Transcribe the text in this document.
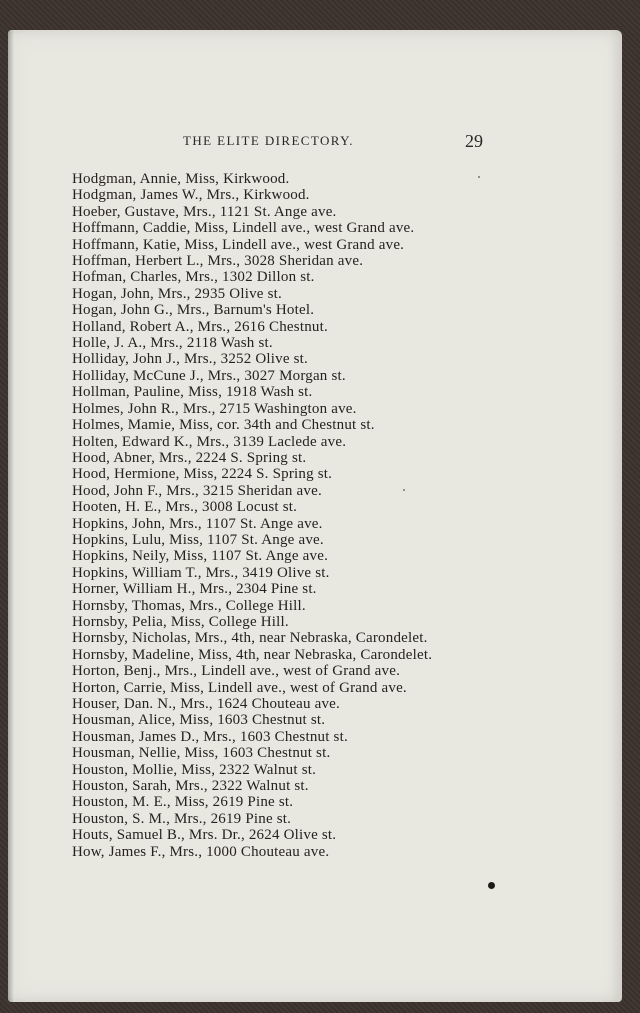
THE ELITE DIRECTORY.	29
Hodgman, Annie, Miss, Kirkwood.
Hodgman, James W., Mrs., Kirkwood.
Hoeber, Gustave, Mrs., 1121 St. Ange ave.
Hoffmann, Caddie, Miss, Lindell ave., west Grand ave.
Hoffmann, Katie, Miss, Lindell ave., west Grand ave.
Hoffman, Herbert L., Mrs., 3028 Sheridan ave.
Hofman, Charles, Mrs., 1302 Dillon st.
Hogan, John, Mrs., 2935 Olive st.
Hogan, John G., Mrs., Barnum's Hotel.
Holland, Robert A., Mrs., 2616 Chestnut.
Holle, J. A., Mrs., 2118 Wash st.
Holliday, John J., Mrs., 3252 Olive st.
Holliday, McCune J., Mrs., 3027 Morgan st.
Hollman, Pauline, Miss, 1918 Wash st.
Holmes, John R., Mrs., 2715 Washington ave.
Holmes, Mamie, Miss, cor. 34th and Chestnut st.
Holten, Edward K., Mrs., 3139 Laclede ave.
Hood, Abner, Mrs., 2224 S. Spring st.
Hood, Hermione, Miss, 2224 S. Spring st.
Hood, John F., Mrs., 3215 Sheridan ave.
Hooten, H. E., Mrs., 3008 Locust st.
Hopkins, John, Mrs., 1107 St. Ange ave.
Hopkins, Lulu, Miss, 1107 St. Ange ave.
Hopkins, Neily, Miss, 1107 St. Ange ave.
Hopkins, William T., Mrs., 3419 Olive st.
Horner, William H., Mrs., 2304 Pine st.
Hornsby, Thomas, Mrs., College Hill.
Hornsby, Pelia, Miss, College Hill.
Hornsby, Nicholas, Mrs., 4th, near Nebraska, Carondelet.
Hornsby, Madeline, Miss, 4th, near Nebraska, Carondelet.
Horton, Benj., Mrs., Lindell ave., west of Grand ave.
Horton, Carrie, Miss, Lindell ave., west of Grand ave.
Houser, Dan. N., Mrs., 1624 Chouteau ave.
Housman, Alice, Miss, 1603 Chestnut st.
Housman, James D., Mrs., 1603 Chestnut st.
Housman, Nellie, Miss, 1603 Chestnut st.
Houston, Mollie, Miss, 2322 Walnut st.
Houston, Sarah, Mrs., 2322 Walnut st.
Houston, M. E., Miss, 2619 Pine st.
Houston, S. M., Mrs., 2619 Pine st.
Houts, Samuel B., Mrs. Dr., 2624 Olive st.
How, James F., Mrs., 1000 Chouteau ave.
